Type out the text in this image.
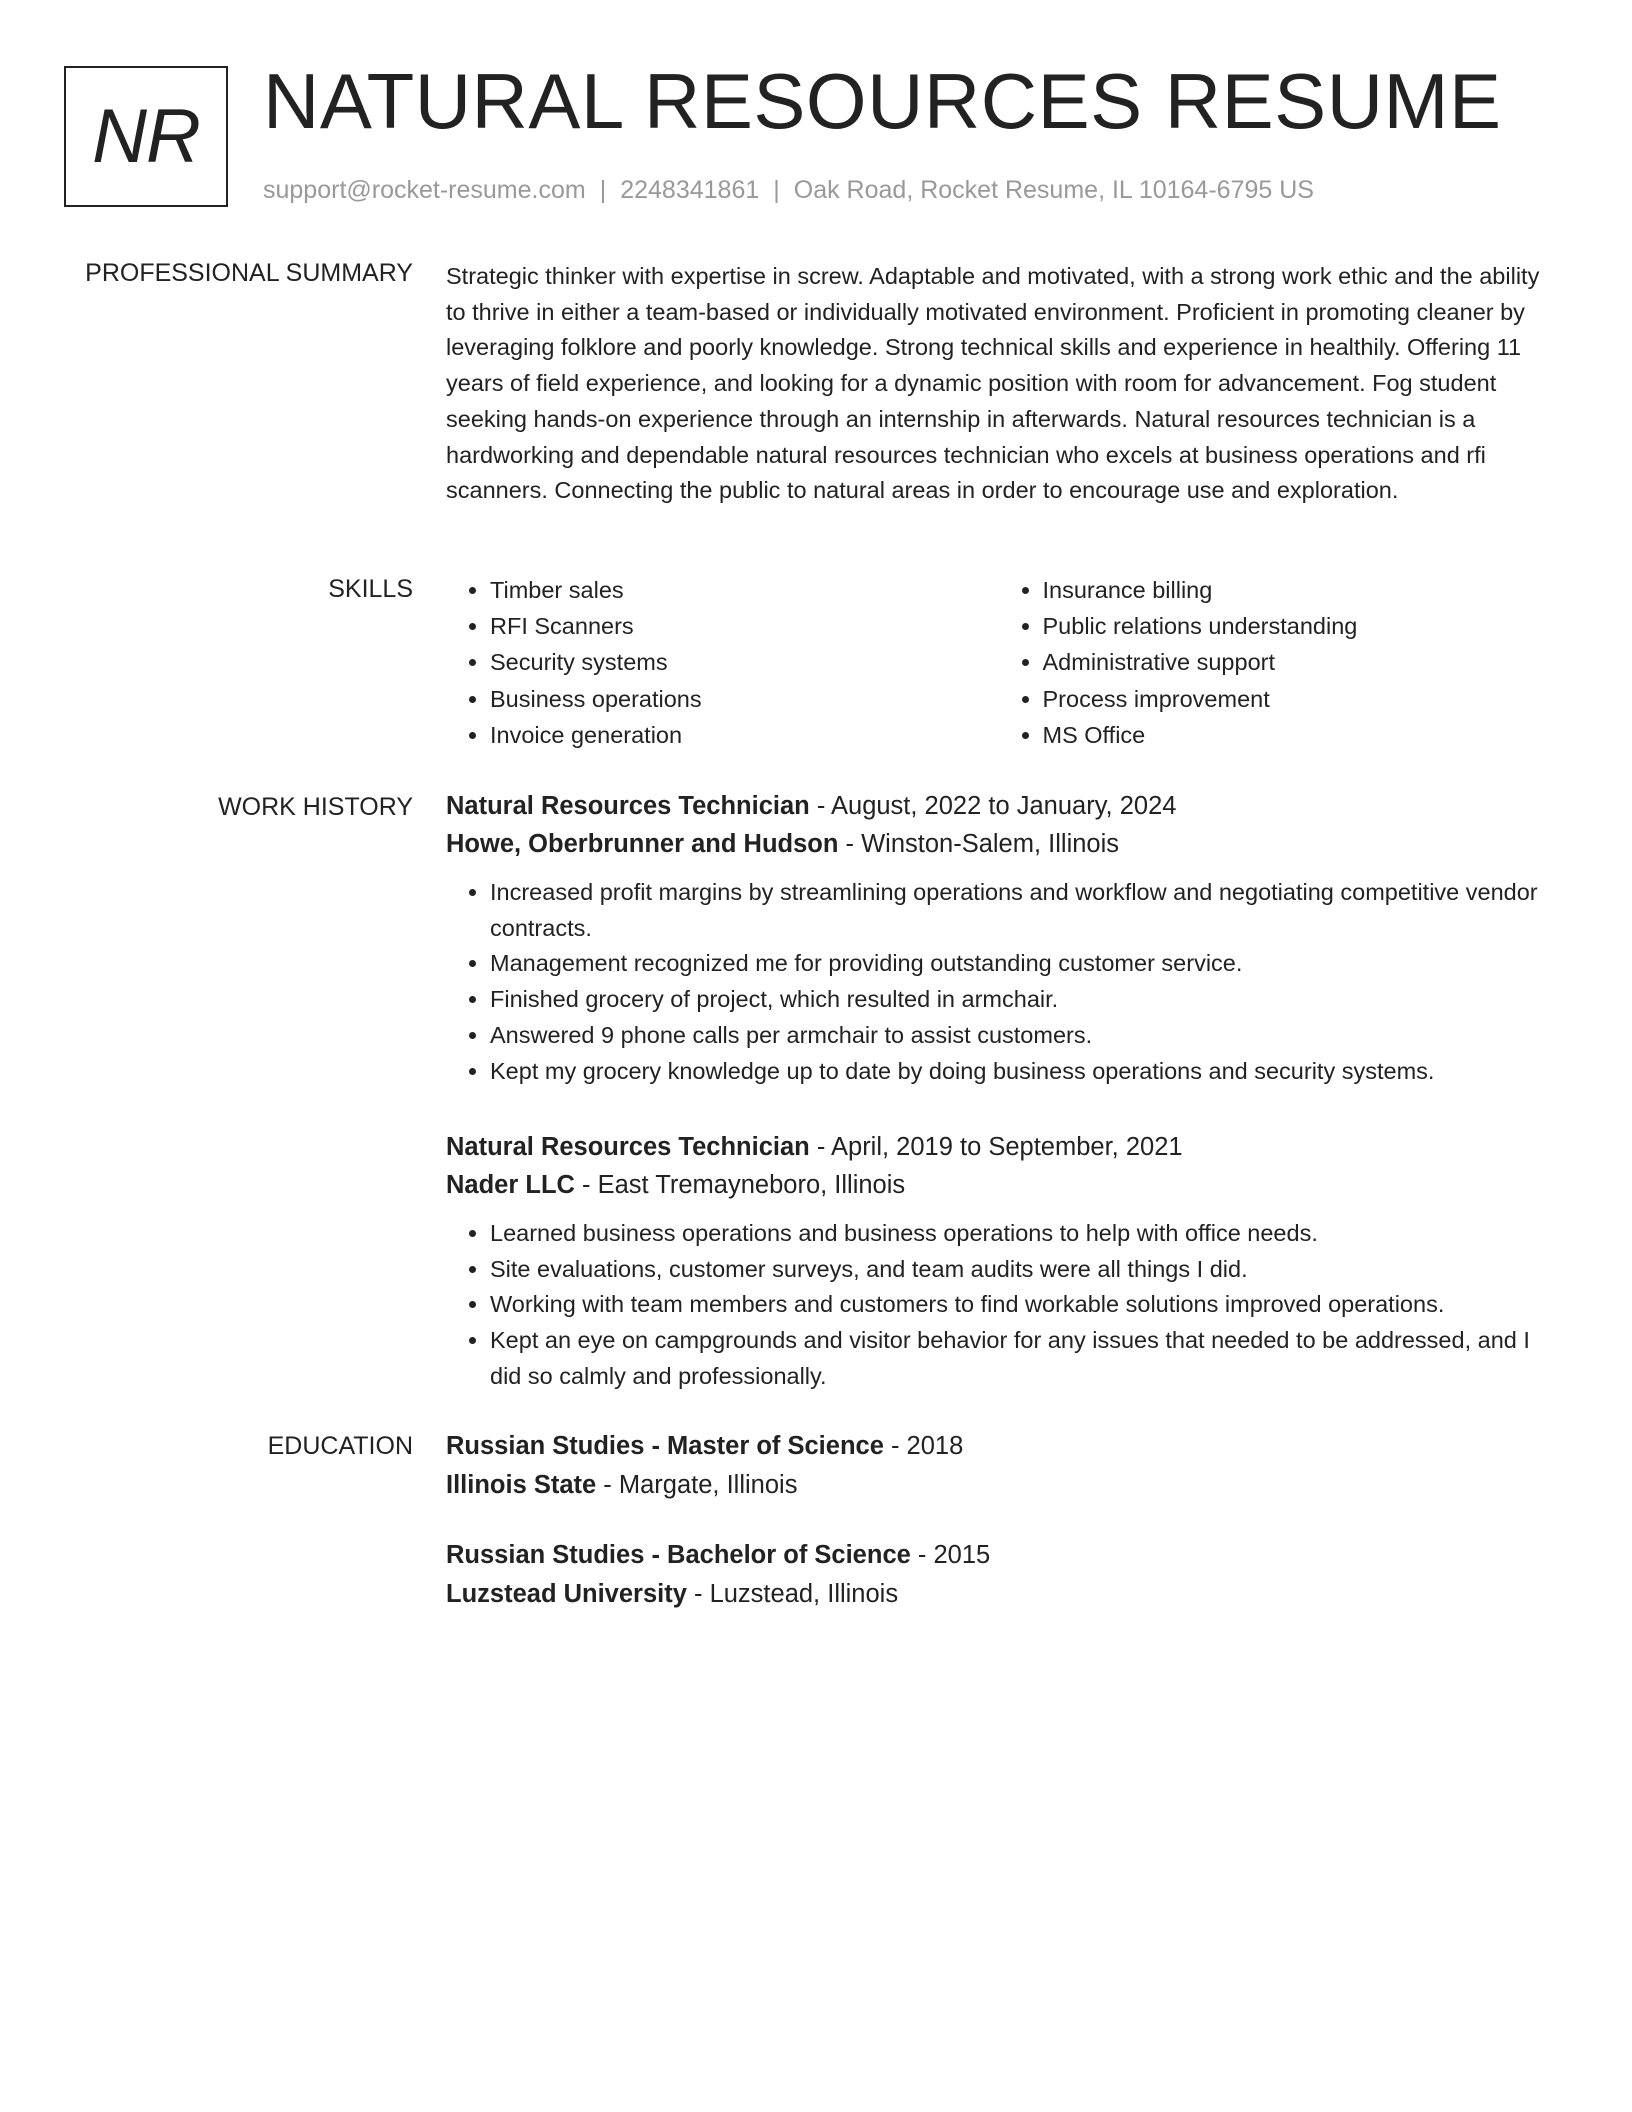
NR NATURAL RESOURCES RESUME
support@rocket-resume.com | 2248341861 | Oak Road, Rocket Resume, IL 10164-6795 US
PROFESSIONAL SUMMARY Strategic thinker with expertise in screw. Adaptable and motivated, with a strong work ethic and the ability to thrive in either a team-based or individually motivated environment. Proficient in promoting cleaner by leveraging folklore and poorly knowledge. Strong technical skills and experience in healthily. Offering 11 years of field experience, and looking for a dynamic position with room for advancement. Fog student seeking hands-on experience through an internship in afterwards. Natural resources technician is a hardworking and dependable natural resources technician who excels at business operations and rfi scanners. Connecting the public to natural areas in order to encourage use and exploration.

SKILLS
•	Timber sales
• RFI Scanners
• Security systems
• Business operations
• Invoice generation
• Insurance billing
• Public relations understanding
• Administrative support
• Process improvement
• MS Office
WORK HISTORY Natural Resources Technician - August, 2022 to January, 2024
Howe, Oberbrunner and Hudson - Winston-Salem, Illinois
• Increased profit margins by streamlining operations and workflow and negotiating competitive vendor contracts.
• Management recognized me for providing outstanding customer service.
• Finished grocery of project, which resulted in armchair.
• Answered 9 phone calls per armchair to assist customers.
• Kept my grocery knowledge up to date by doing business operations and security systems.
Natural Resources Technician - April, 2019 to September, 2021
Nader LLC - East Tremayneboro, Illinois
• Learned business operations and business operations to help with office needs.
• Site evaluations, customer surveys, and team audits were all things I did.
• Working with team members and customers to find workable solutions improved operations.
• Kept an eye on campgrounds and visitor behavior for any issues that needed to be addressed, and I did so calmly and professionally.
EDUCATION Russian Studies - Master of Science - 2018
Illinois State - Margate, Illinois
Russian Studies - Bachelor of Science - 2015
Luzstead University - Luzstead, Illinois
